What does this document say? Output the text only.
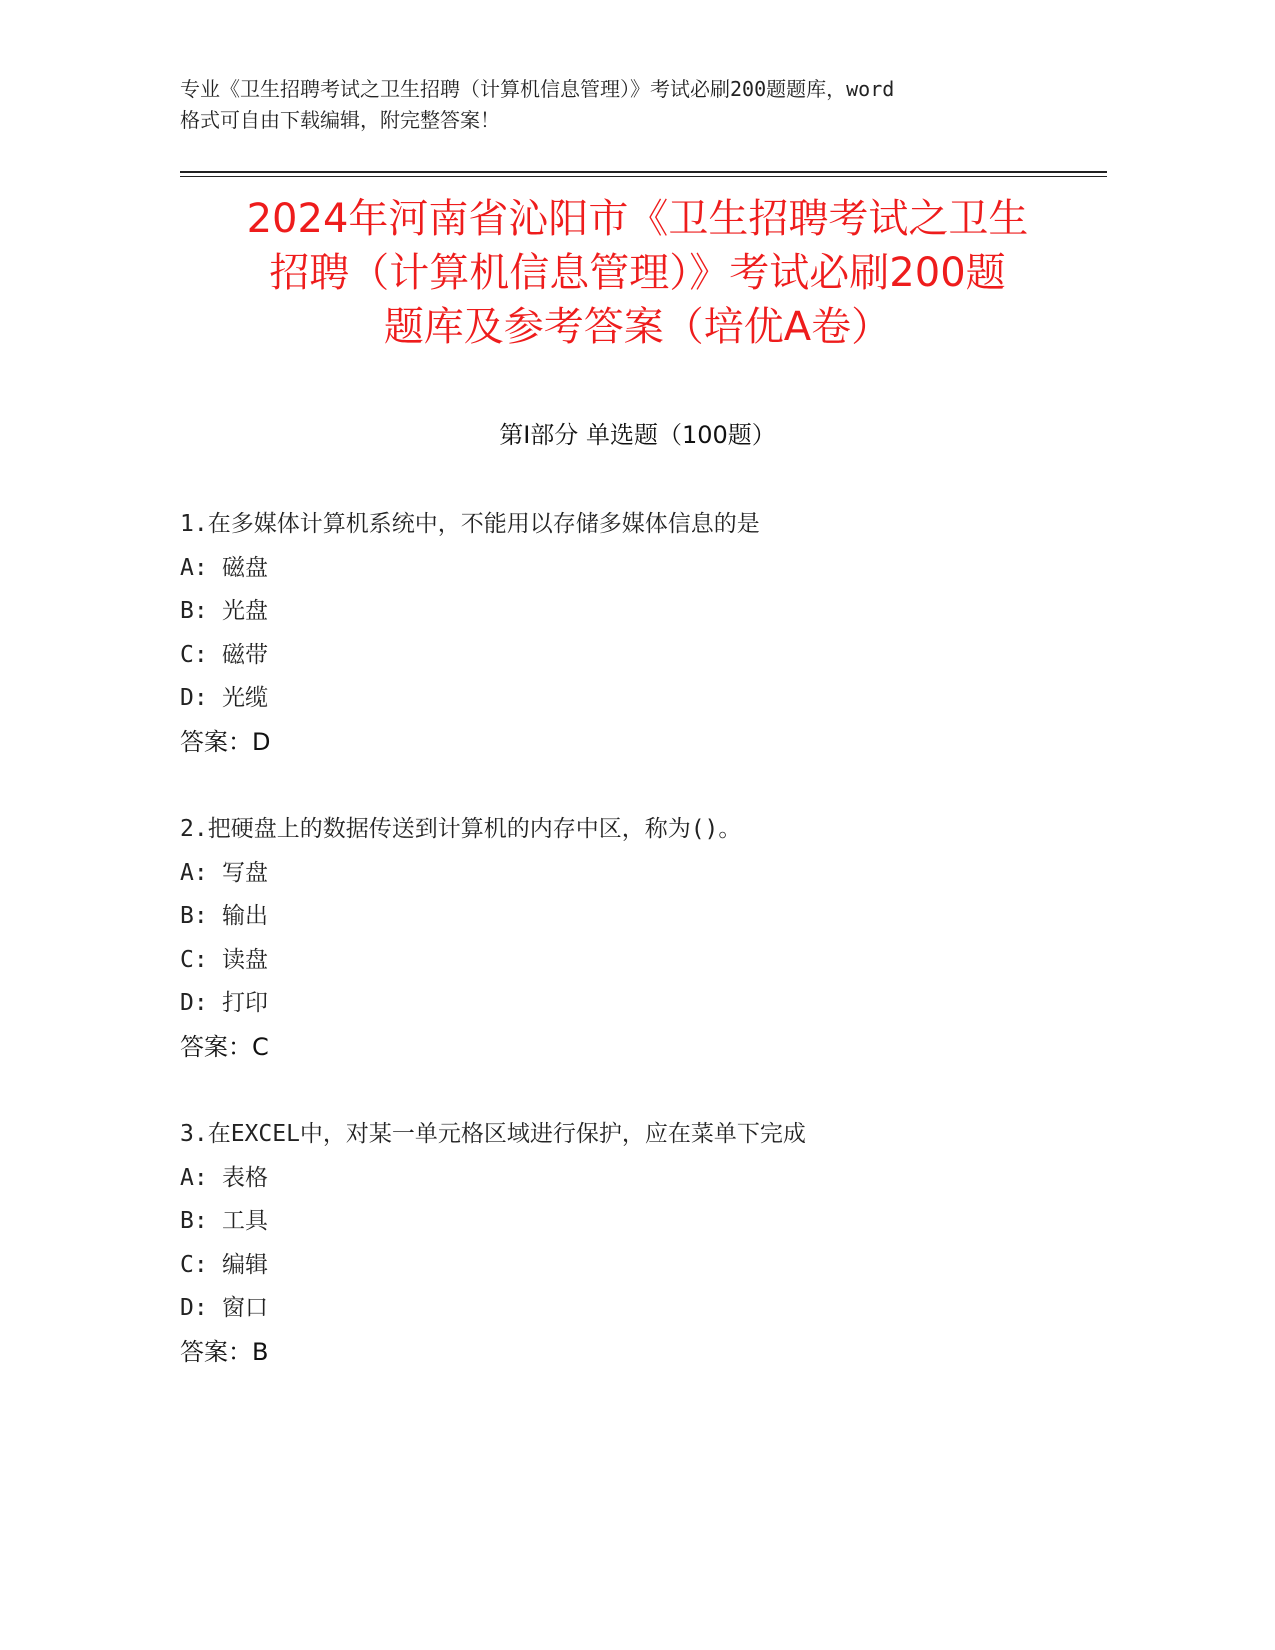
专业《卫生招聘考试之卫生招聘（计算机信息管理）》考试必刷200题题库，word
格式可自由下载编辑，附完整答案！
2024年河南省沁阳市《卫生招聘考试之卫生
招聘（计算机信息管理）》考试必刷200题
题库及参考答案（培优A卷）
第I部分 单选题（100题）
1.在多媒体计算机系统中，不能用以存储多媒体信息的是
A: 磁盘
B: 光盘
C: 磁带
D: 光缆
答案：D
2.把硬盘上的数据传送到计算机的内存中区，称为()。
A: 写盘
B: 输出
C: 读盘
D: 打印
答案：C
3.在EXCEL中，对某一单元格区域进行保护，应在菜单下完成
A: 表格
B: 工具
C: 编辑
D: 窗口
答案：B
